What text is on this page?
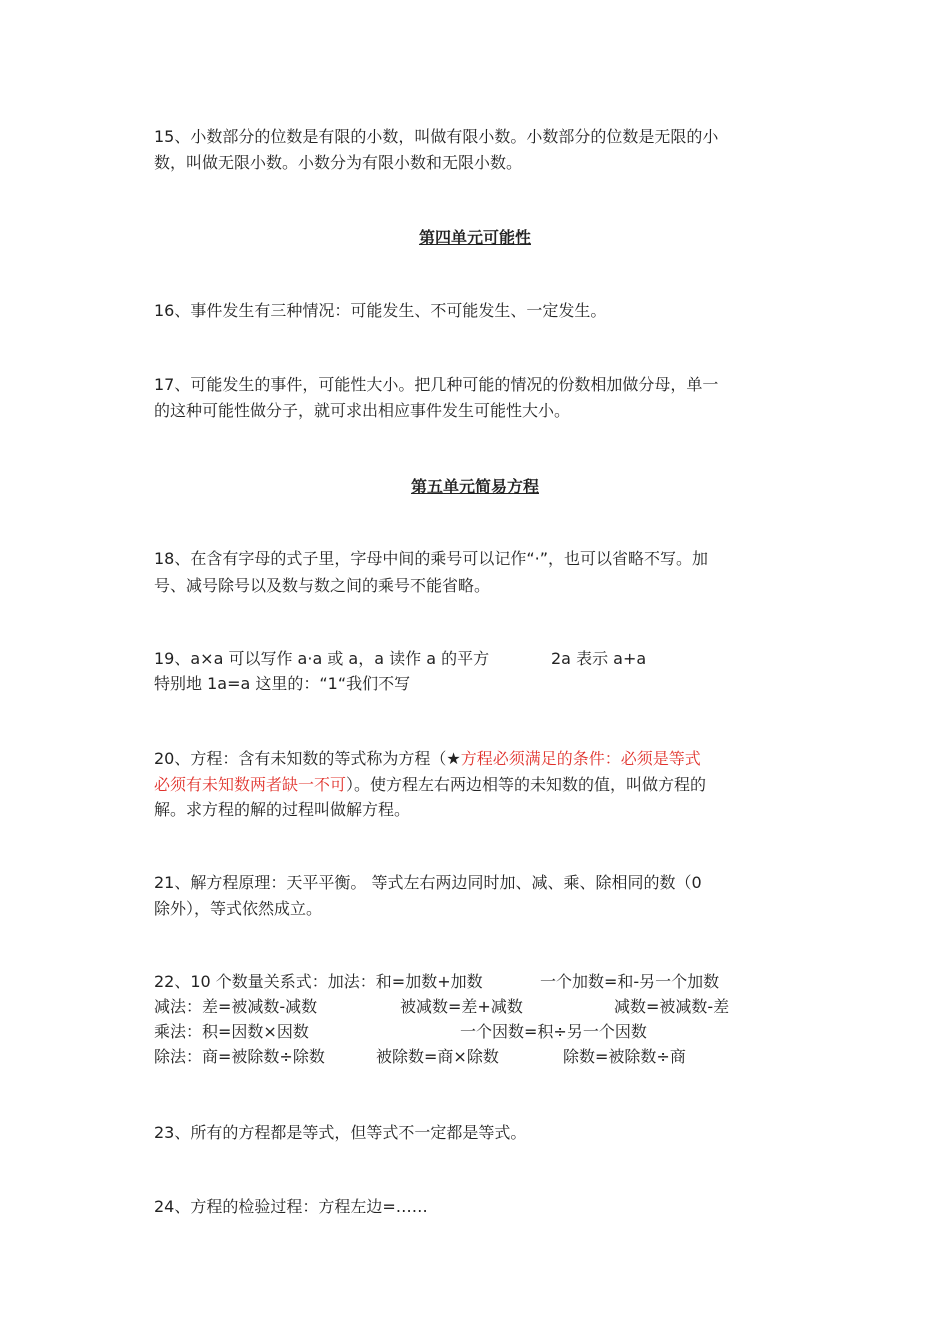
15、小数部分的位数是有限的小数，叫做有限小数。小数部分的位数是无限的小
数，叫做无限小数。小数分为有限小数和无限小数。
第四单元可能性
16、事件发生有三种情况：可能发生、不可能发生、一定发生。
17、可能发生的事件，可能性大小。把几种可能的情况的份数相加做分母，单一
的这种可能性做分子，就可求出相应事件发生可能性大小。
第五单元简易方程
18、在含有字母的式子里，字母中间的乘号可以记作“·”，也可以省略不写。加
号、减号除号以及数与数之间的乘号不能省略。
19、a×a 可以写作 a·a 或 a，a 读作 a 的平方	2a 表示 a+a
特别地 1a=a 这里的：“1“我们不写
20、方程：含有未知数的等式称为方程（★方程必须满足的条件：必须是等式
必须有未知数两者缺一不可）。使方程左右两边相等的未知数的值，叫做方程的
解。求方程的解的过程叫做解方程。
21、解方程原理：天平平衡。 等式左右两边同时加、减、乘、除相同的数（0
除外），等式依然成立。
22、10 个数量关系式：加法：和=加数+加数	一个加数=和-另一个加数
减法：差=被减数-减数	被减数=差+减数	减数=被减数-差
乘法：积=因数×因数	一个因数=积÷另一个因数
除法：商=被除数÷除数	被除数=商×除数	除数=被除数÷商
23、所有的方程都是等式，但等式不一定都是等式。
24、方程的检验过程：方程左边=……
